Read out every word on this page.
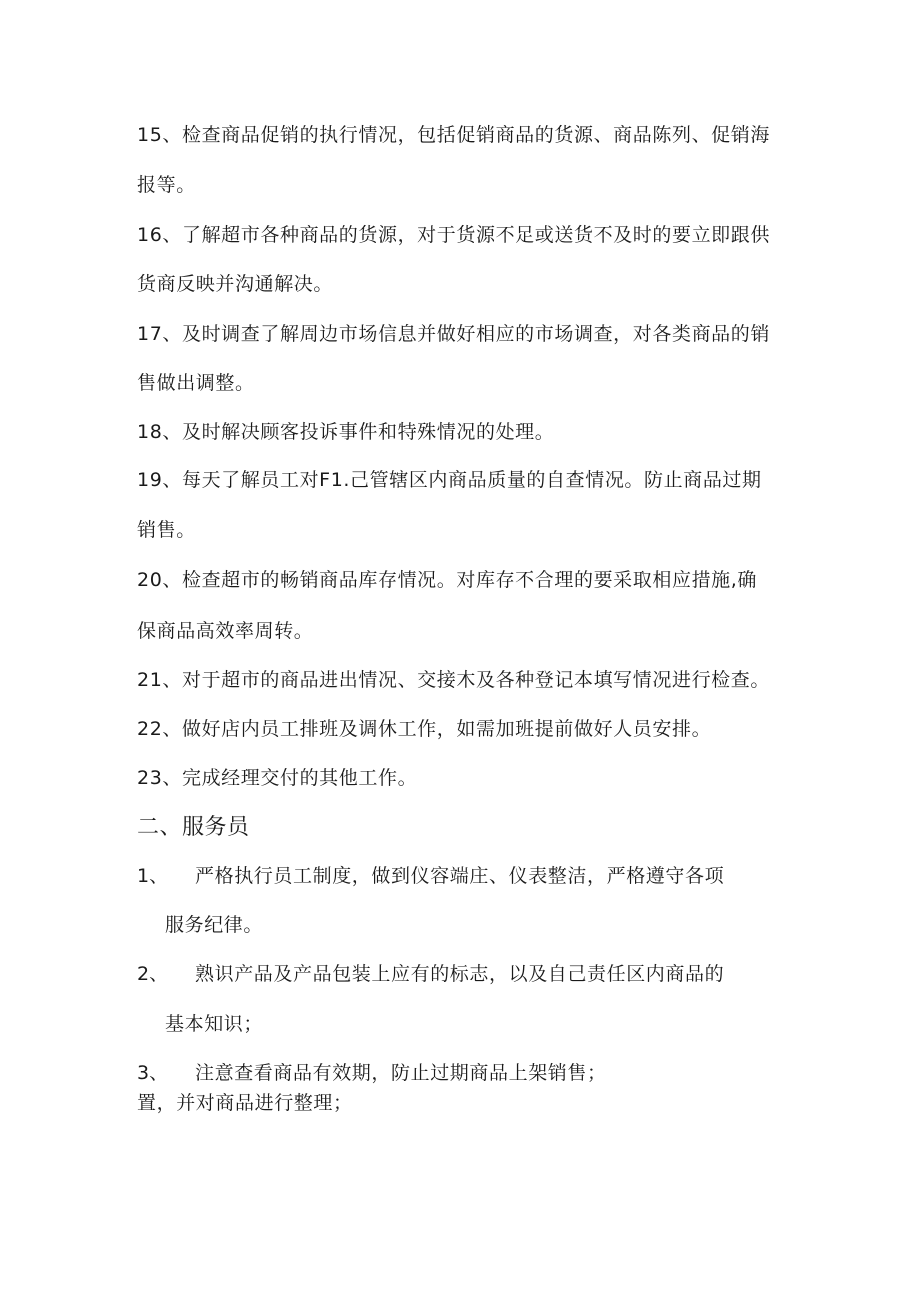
15、检查商品促销的执行情况，包括促销商品的货源、商品陈列、促销海
报等。
16、了解超市各种商品的货源，对于货源不足或送货不及时的要立即跟供
货商反映并沟通解决。
17、及时调查了解周边市场信息并做好相应的市场调查，对各类商品的销
售做出调整。
18、及时解决顾客投诉事件和特殊情况的处理。
19、每天了解员工对F1.己管辖区内商品质量的自查情况。防止商品过期
销售。
20、检查超市的畅销商品库存情况。对库存不合理的要采取相应措施,确
保商品高效率周转。
21、对于超市的商品进出情况、交接木及各种登记本填写情况进行检查。
22、做好店内员工排班及调休工作，如需加班提前做好人员安排。
23、完成经理交付的其他工作。
二、服务员
1、 严格执行员工制度，做到仪容端庄、仪表整洁，严格遵守各项
服务纪律。
2、 熟识产品及产品包装上应有的标志，以及自己责任区内商品的
基本知识；
3、 注意查看商品有效期，防止过期商品上架销售；
置，并对商品进行整理；
